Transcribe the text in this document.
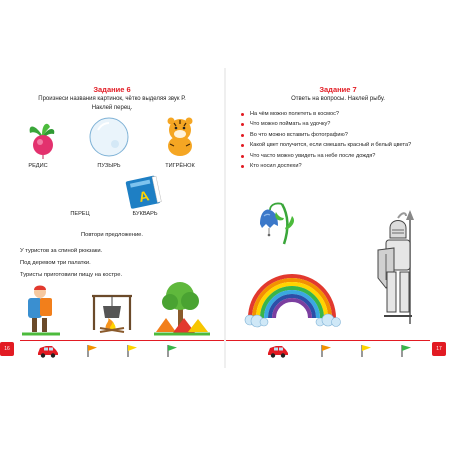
Задание 6
Произнеси названия картинок, чётко выделяя звук Р.
Наклей перец.
РЕДИС	ПУЗЫРЬ	ТИГРЁНОК
ПЕРЕЦ
А
БУКВАРЬ
Повтори предложение.
У туристов за спиной рюкзаки.
Под деревом три палатки.
Туристы приготовили пищу на костре.
16
Задание 7
Ответь на вопросы. Наклей рыбу.
На чём можно полететь в космос?
Что можно поймать на удочку?
Во что можно вставить фотографию?
Какой цвет получится, если смешать красный и белый цвета?
Что часто можно увидеть на небе после дождя?
Кто носил доспехи?
17
